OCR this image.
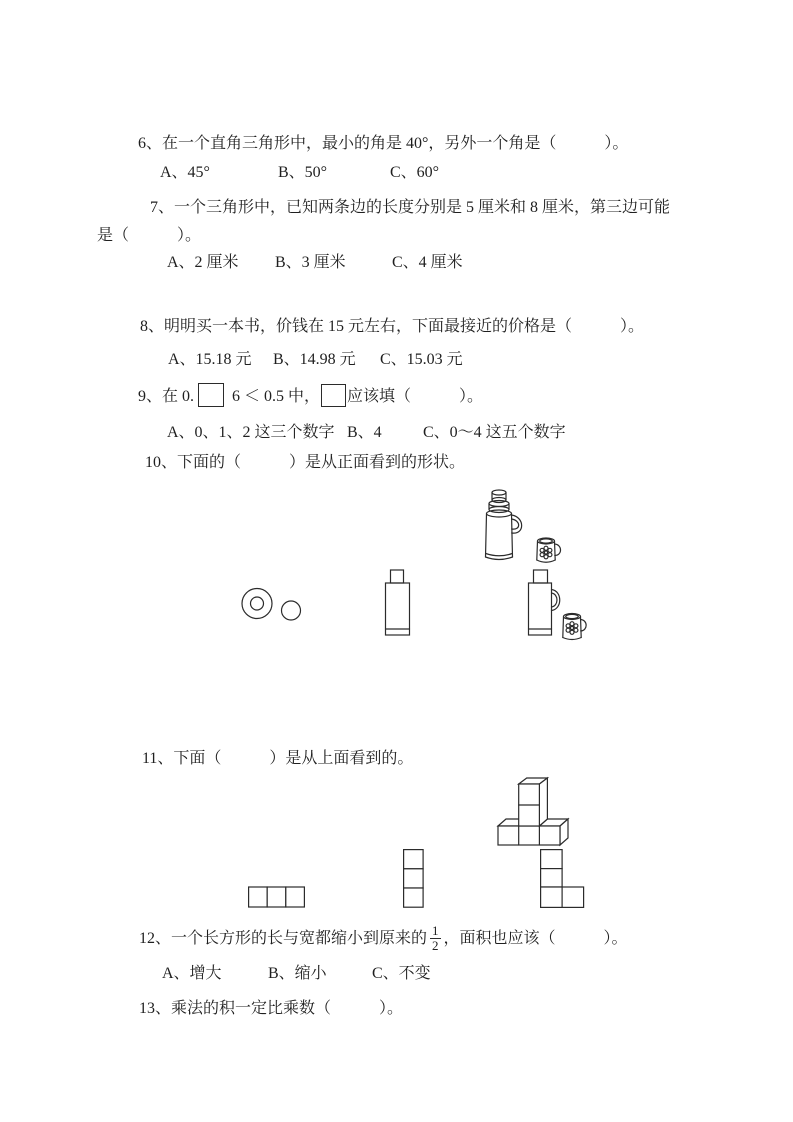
6、在一个直角三角形中，最小的角是 40°，另外一个角是（　　　）。
A、45°	B、50°	C、60°
7、一个三角形中，已知两条边的长度分别是 5 厘米和 8 厘米，第三边可能
是（　　　）。
A、2 厘米 B、3 厘米	C、4 厘米
8、明明买一本书，价钱在 15 元左右，下面最接近的价格是（　　　）。
A、15.18 元 B、14.98 元 C、15.03 元
9、在 0. 6 ＜ 0.5 中， 应该填（　　　）。
A、0、1、2 这三个数字 B、4	C、0～4 这五个数字
10、下面的（　　　）是从正面看到的形状。
11、下面（　　　）是从上面看到的。
12、一个长方形的长与宽都缩小到原来的 $\frac{1}{2}$ ，面积也应该（　　　）。
A、增大	B、缩小	C、不变
13、乘法的积一定比乘数（　　　）。
